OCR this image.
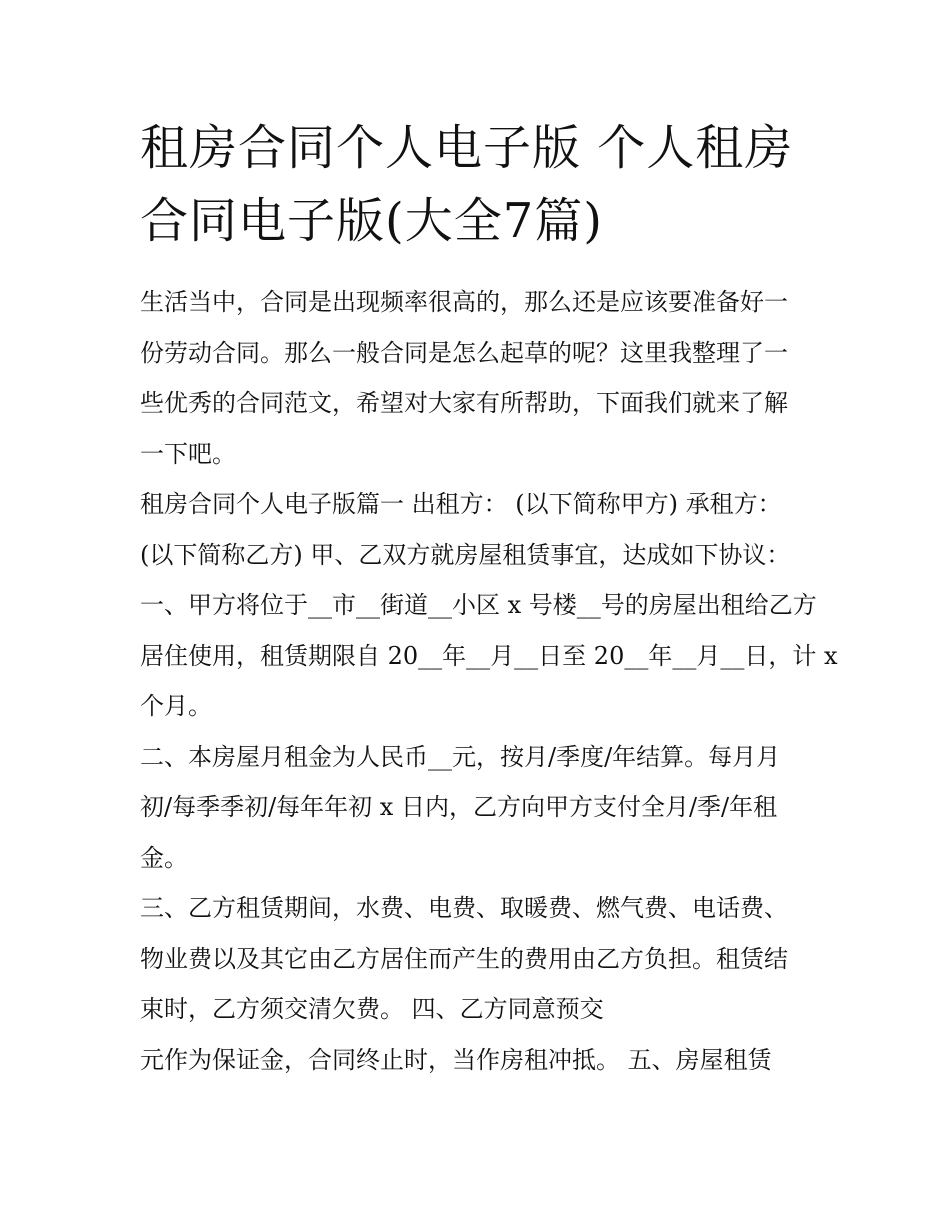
租房合同个人电子版 个人租房
合同电子版(大全7篇)
生活当中，合同是出现频率很高的，那么还是应该要准备好一
份劳动合同。那么一般合同是怎么起草的呢？这里我整理了一
些优秀的合同范文，希望对大家有所帮助，下面我们就来了解
一下吧。
租房合同个人电子版篇一 出租方： (以下简称甲方) 承租方：
(以下简称乙方) 甲、乙双方就房屋租赁事宜，达成如下协议：
一、甲方将位于__市__街道__小区 x 号楼__号的房屋出租给乙方
居住使用，租赁期限自 20__年__月__日至 20__年__月__日，计 x
个月。
二、本房屋月租金为人民币__元，按月/季度/年结算。每月月
初/每季季初/每年年初 x 日内，乙方向甲方支付全月/季/年租
金。
三、乙方租赁期间，水费、电费、取暖费、燃气费、电话费、
物业费以及其它由乙方居住而产生的费用由乙方负担。租赁结
束时，乙方须交清欠费。 四、乙方同意预交
元作为保证金，合同终止时，当作房租冲抵。 五、房屋租赁
